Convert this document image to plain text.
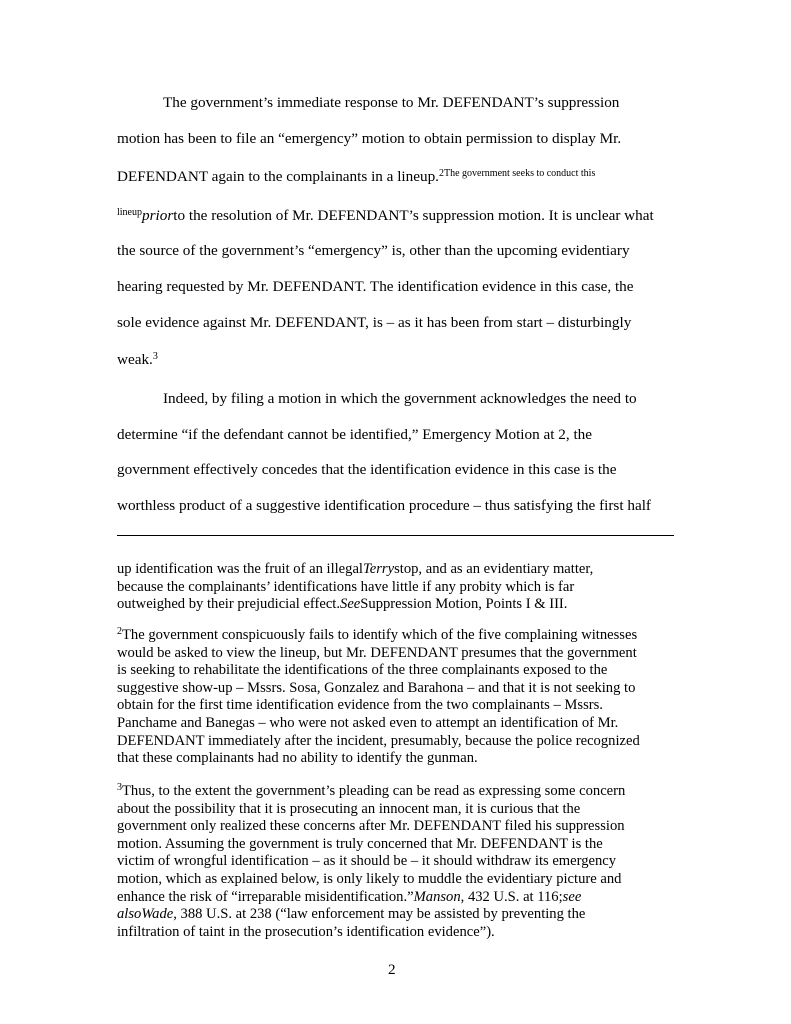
The government’s immediate response to Mr. DEFENDANT’s suppression
motion has been to file an “emergency” motion to obtain permission to display Mr.
DEFENDANT again to the complainants in a lineup.$^{2The government seeks to conduct this}$
$^{lineup}$priorto the resolution of Mr. DEFENDANT’s suppression motion. It is unclear what
the source of the government’s “emergency” is, other than the upcoming evidentiary
hearing requested by Mr. DEFENDANT. The identification evidence in this case, the
sole evidence against Mr. DEFENDANT, is – as it has been from start – disturbingly
weak.$^3$
Indeed, by filing a motion in which the government acknowledges the need to
determine “if the defendant cannot be identified,” Emergency Motion at 2, the
government effectively concedes that the identification evidence in this case is the
worthless product of a suggestive identification procedure – thus satisfying the first half
up identification was the fruit of an illegalTerrystop, and as an evidentiary matter,
because the complainants’ identifications have little if any probity which is far
outweighed by their prejudicial effect.SeeSuppression Motion, Points I & III.
$^2$The government conspicuously fails to identify which of the five complaining witnesses
would be asked to view the lineup, but Mr. DEFENDANT presumes that the government
is seeking to rehabilitate the identifications of the three complainants exposed to the
suggestive show-up – Mssrs. Sosa, Gonzalez and Barahona – and that it is not seeking to
obtain for the first time identification evidence from the two complainants – Mssrs.
Panchame and Banegas – who were not asked even to attempt an identification of Mr.
DEFENDANT immediately after the incident, presumably, because the police recognized
that these complainants had no ability to identify the gunman.
$^3$Thus, to the extent the government’s pleading can be read as expressing some concern
about the possibility that it is prosecuting an innocent man, it is curious that the
government only realized these concerns after Mr. DEFENDANT filed his suppression
motion. Assuming the government is truly concerned that Mr. DEFENDANT is the
victim of wrongful identification – as it should be – it should withdraw its emergency
motion, which as explained below, is only likely to muddle the evidentiary picture and
enhance the risk of “irreparable misidentification.”Manson, 432 U.S. at 116;see
alsoWade, 388 U.S. at 238 (“law enforcement may be assisted by preventing the
infiltration of taint in the prosecution’s identification evidence”).
2
